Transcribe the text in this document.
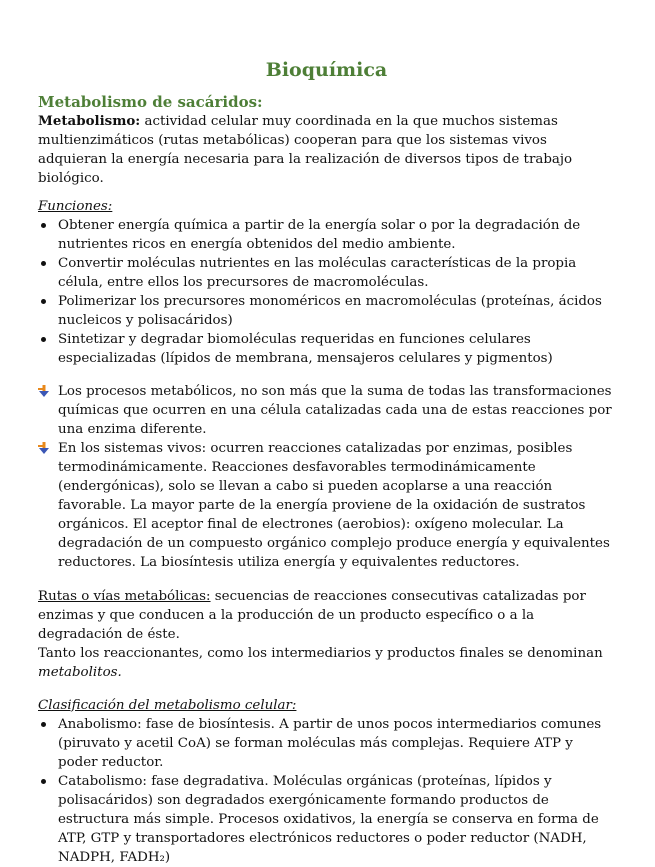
Bioquímica
Metabolismo de sacáridos:

Metabolismo: actividad celular muy coordinada en la que muchos sistemas multienzimáticos (rutas metabólicas) cooperan para que los sistemas vivos adquieran la energía necesaria para la realización de diversos tipos de trabajo biológico.

Funciones:

Obtener energía química a partir de la energía solar o por la degradación de nutrientes ricos en energía obtenidos del medio ambiente.
Convertir moléculas nutrientes en las moléculas características de la propia célula, entre ellos los precursores de macromoléculas.
Polimerizar los precursores monoméricos en macromoléculas (proteínas, ácidos nucleicos y polisacáridos)
Sintetizar y degradar biomoléculas requeridas en funciones celulares especializadas (lípidos de membrana, mensajeros celulares y pigmentos)
Los procesos metabólicos, no son más que la suma de todas las transformaciones químicas que ocurren en una célula catalizadas cada una de estas reacciones por una enzima diferente.
En los sistemas vivos: ocurren reacciones catalizadas por enzimas, posibles termodinámicamente. Reacciones desfavorables termodinámicamente (endergónicas), solo se llevan a cabo si pueden acoplarse a una reacción favorable. La mayor parte de la energía proviene de la oxidación de sustratos orgánicos. El aceptor final de electrones (aerobios): oxígeno molecular. La degradación de un compuesto orgánico complejo produce energía y equivalentes reductores. La biosíntesis utiliza energía y equivalentes reductores.

Rutas o vías metabólicas: secuencias de reacciones consecutivas catalizadas por enzimas y que conducen a la producción de un producto específico o a la degradación de éste.

Tanto los reaccionantes, como los intermediarios y productos finales se denominan metabolitos.

Clasificación del metabolismo celular:

Anabolismo: fase de biosíntesis. A partir de unos pocos intermediarios comunes (piruvato y acetil CoA) se forman moléculas más complejas. Requiere ATP y poder reductor.
Catabolismo: fase degradativa. Moléculas orgánicas (proteínas, lípidos y polisacáridos) son degradados exergónicamente formando productos de estructura más simple. Procesos oxidativos, la energía se conserva en forma de ATP, GTP y transportadores electrónicos reductores o poder reductor (NADH, NADPH, FADH₂)
